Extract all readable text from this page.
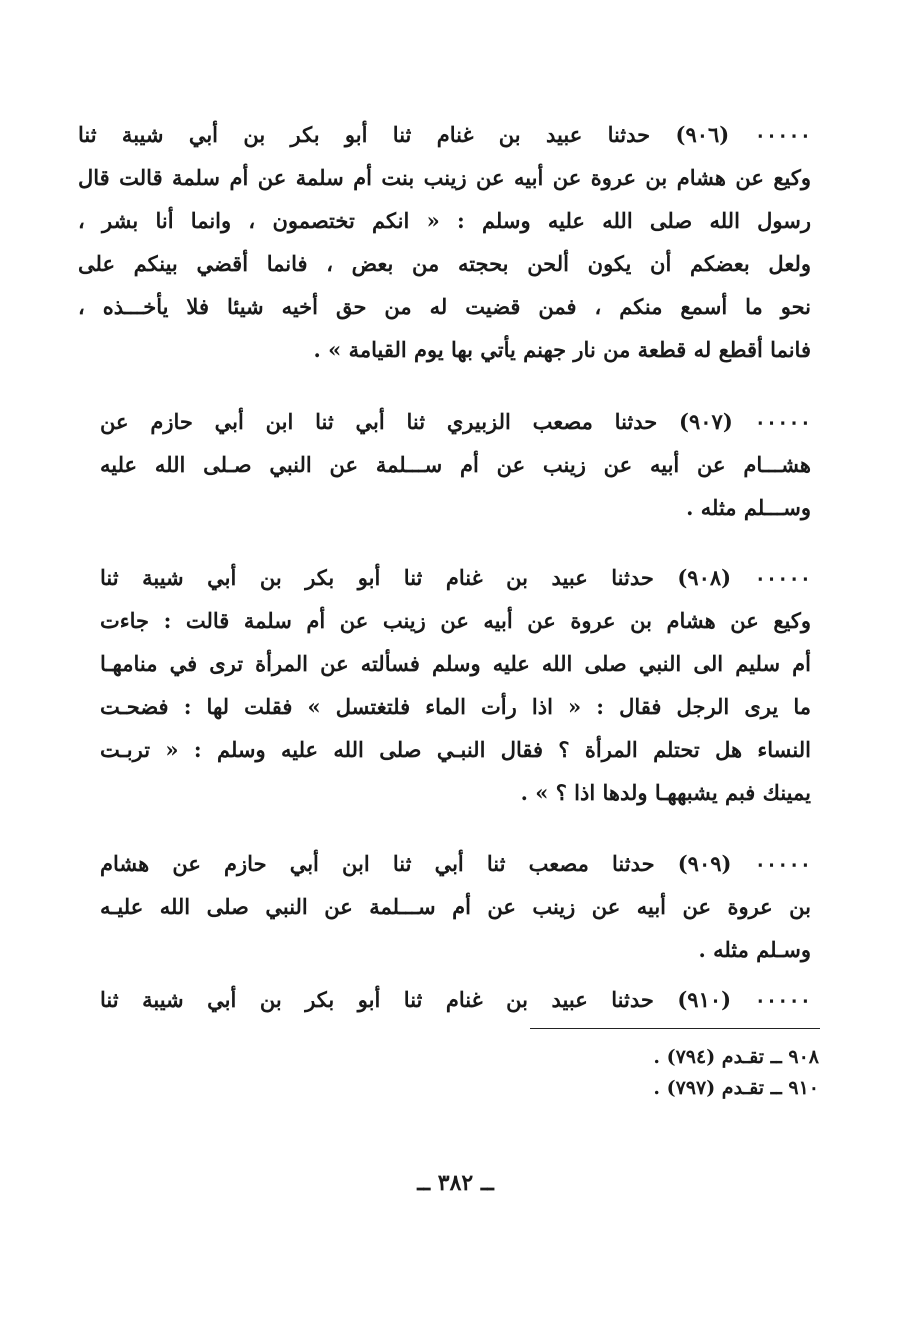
٠٠٠٠٠ (٩٠٦) حدثنا عبيد بن غنام ثنا أبو بكر بن أبي شيبة ثنا
وكيع عن هشام بن عروة عن أبيه عن زينب بنت أم سلمة عن أم سلمة قالت قال
رسول الله صلى الله عليه وسلم : « انكم تختصمون ، وانما أنا بشر ،
ولعل بعضكم أن يكون ألحن بحجته من بعض ، فانما أقضي بينكم على
نحو ما أسمع منكم ، فمن قضيت له من حق أخيه شيئا فلا يأخـــذه ،
فانما أقطع له قطعة من نار جهنم يأتي بها يوم القيامة » .
٠٠٠٠٠ (٩٠٧) حدثنا مصعب الزبيري ثنا أبي ثنا ابن أبي حازم عن
هشـــام عن أبيه عن زينب عن أم ســـلمة عن النبي صـلى الله عليه
وســـلم مثله .
٠٠٠٠٠ (٩٠٨) حدثنا عبيد بن غنام ثنا أبو بكر بن أبي شيبة ثنا
وكيع عن هشام بن عروة عن أبيه عن زينب عن أم سلمة قالت : جاءت
أم سليم الى النبي صلى الله عليه وسلم فسألته عن المرأة ترى في منامهـا
ما يرى الرجل فقال : « اذا رأت الماء فلتغتسل » فقلت لها : فضحـت
النساء هل تحتلم المرأة ؟ فقال النبـي صلى الله عليه وسلم : « تربـت
يمينك فبم يشبههـا ولدها اذا ؟ » .
٠٠٠٠٠ (٩٠٩) حدثنا مصعب ثنا أبي ثنا ابن أبي حازم عن هشام
بن عروة عن أبيه عن زينب عن أم ســـلمة عن النبي صلى الله عليـه
وسـلم مثله .
٠٠٠٠٠ (٩١٠) حدثنا عبيد بن غنام ثنا أبو بكر بن أبي شيبة ثنا
٩٠٨ ــ تقـدم (٧٩٤) .
٩١٠ ــ تقـدم (٧٩٧) .
ــ ٣٨٢ ــ
